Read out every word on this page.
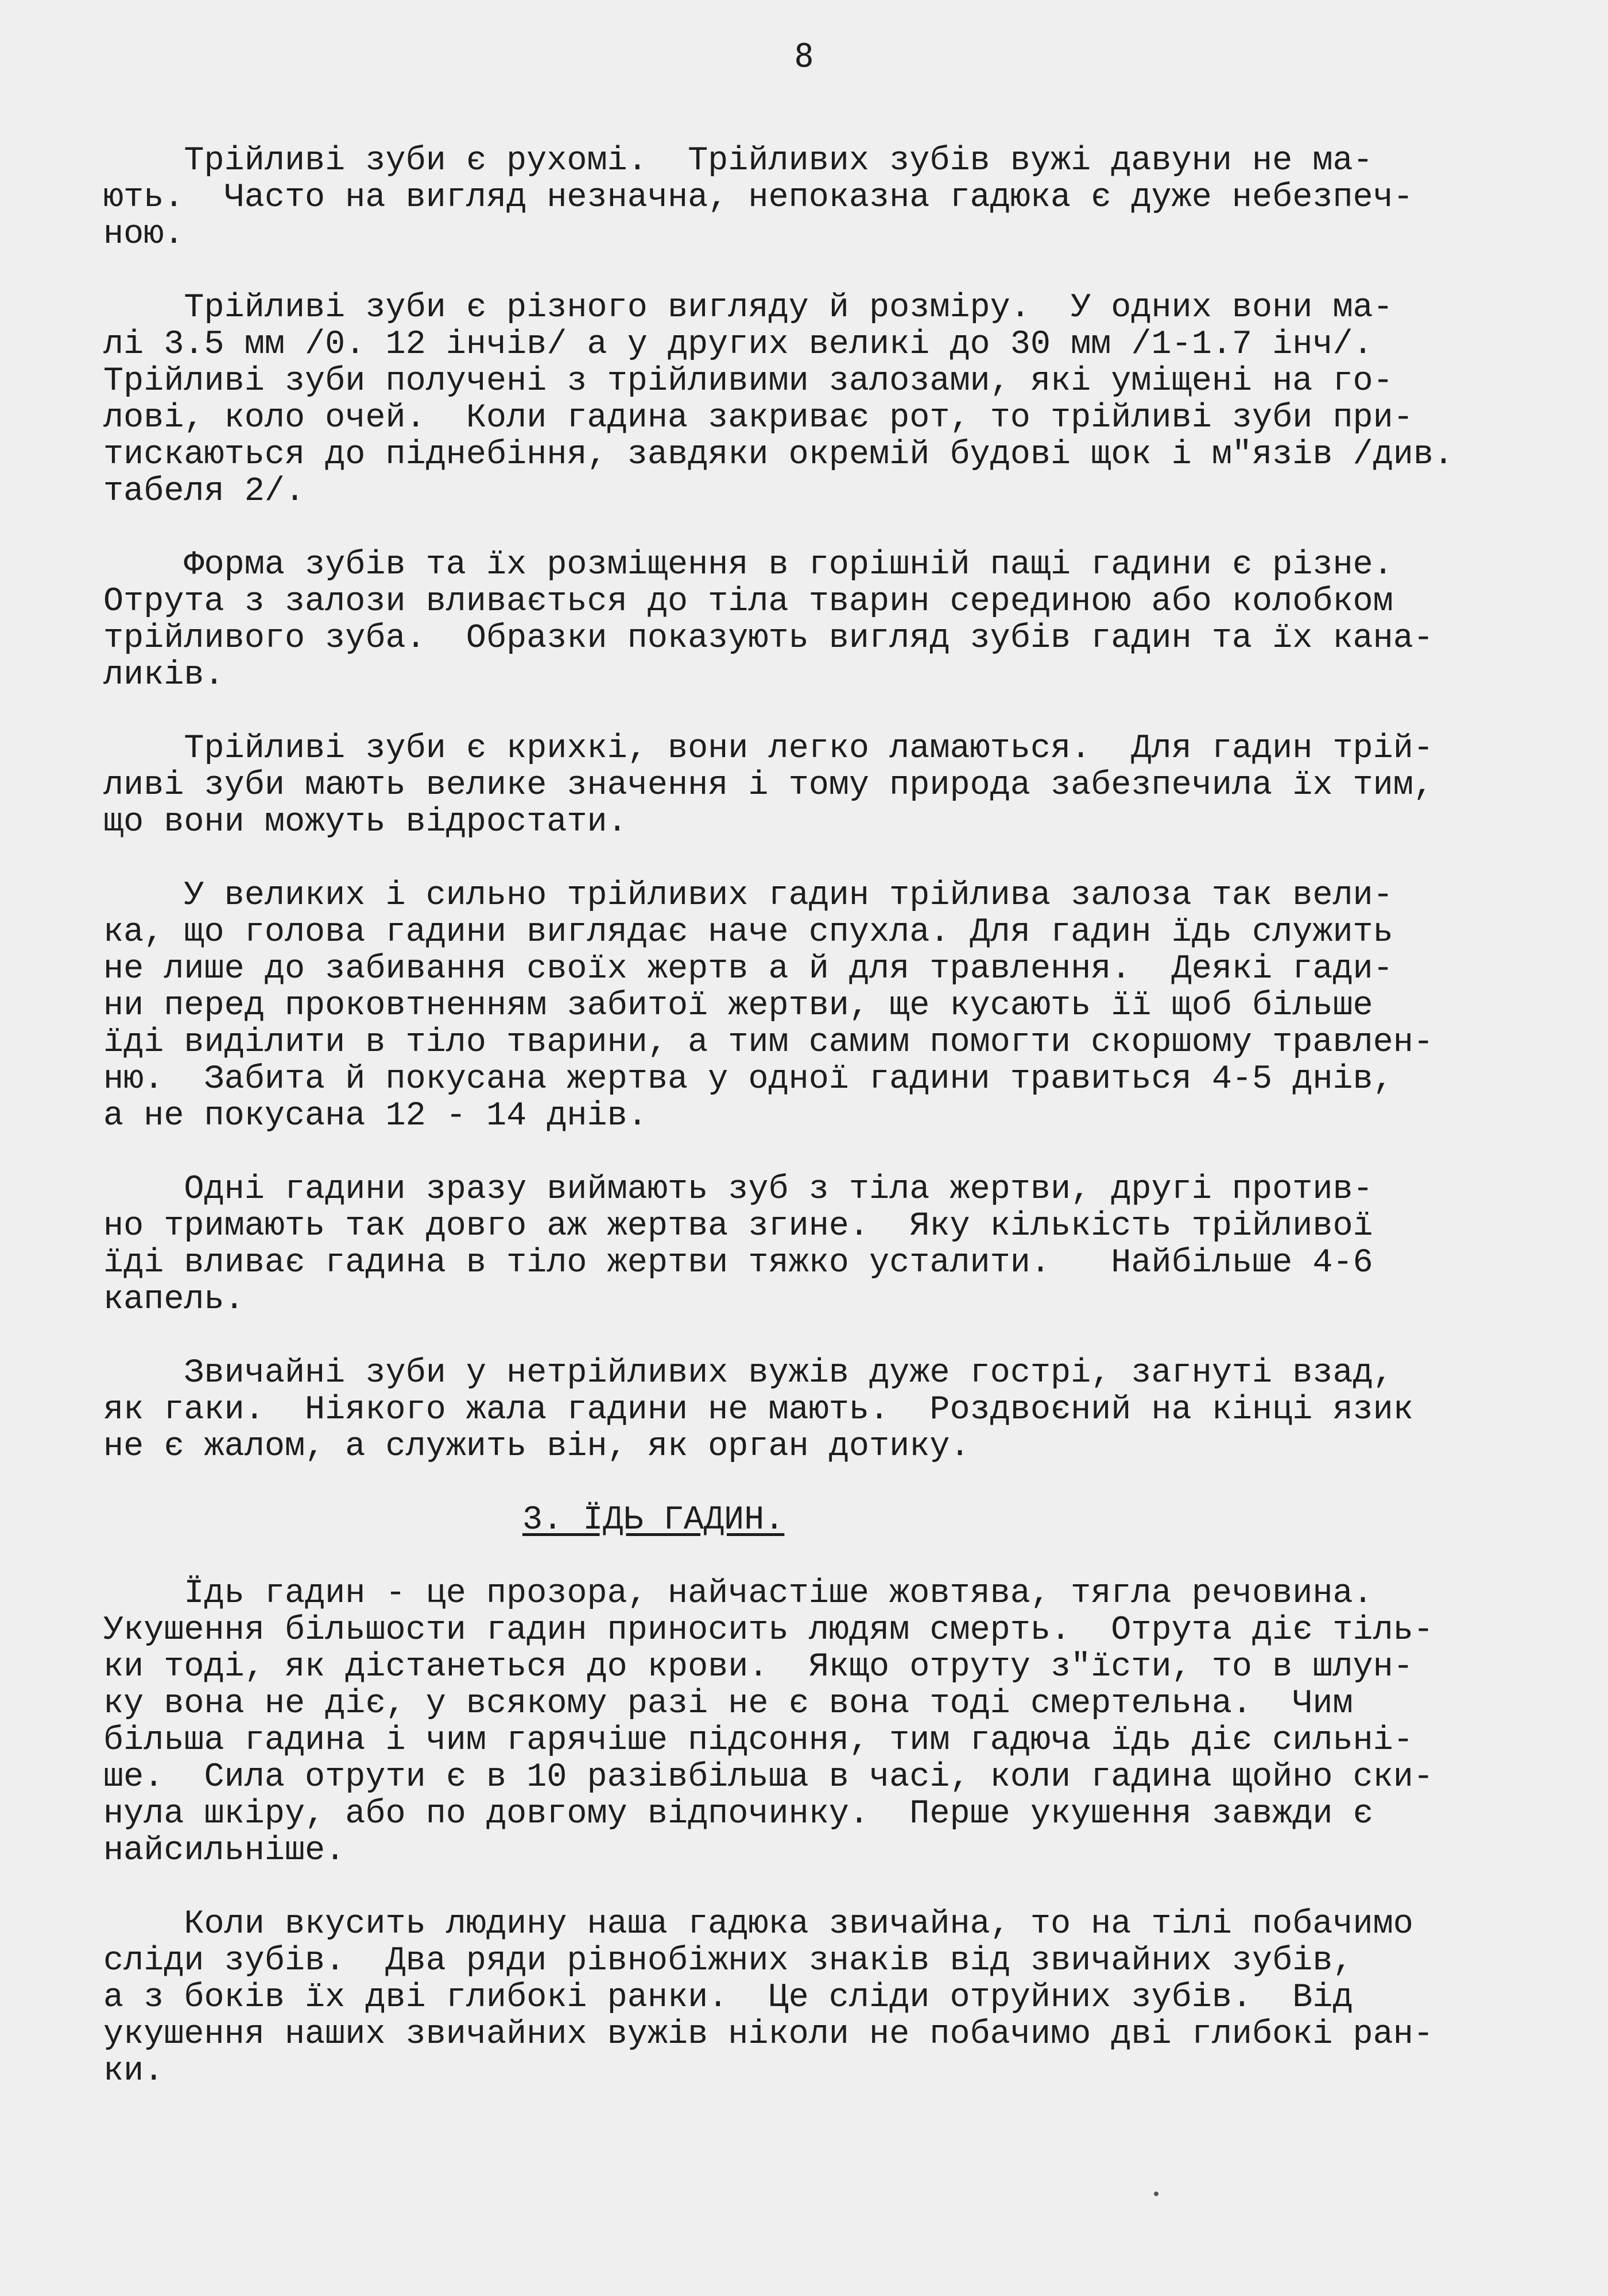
8

Трійливі зуби є рухомі.  Трійливих зубів вужі давуни не ма-
ють.  Часто на вигляд незначна, непоказна гадюка є дуже небезпеч-
ною.

Трійливі зуби є різного вигляду й розміру.  У одних вони ма-
лі 3.5 мм /0. 12 інчів/ а у других великі до 30 мм /1-1.7 інч/.
Трійливі зуби получені з трійливими залозами, які уміщені на го-
лові, коло очей.  Коли гадина закриває рот, то трійливі зуби при-
тискаються до піднебіння, завдяки окремій будові щок і м"язів /див.
табеля 2/.

Форма зубів та їх розміщення в горішній пащі гадини є різне.
Отрута з залози вливається до тіла тварин серединою або колобком
трійливого зуба.  Образки показують вигляд зубів гадин та їх кана-
ликів.

Трійливі зуби є крихкі, вони легко ламаються.  Для гадин трій-
ливі зуби мають велике значення і тому природа забезпечила їх тим,
що вони можуть відростати.

У великих і сильно трійливих гадин трійлива залоза так вели-
ка, що голова гадини виглядає наче спухла. Для гадин їдь служить
не лише до забивання своїх жертв а й для травлення.  Деякі гади-
ни перед проковтненням забитої жертви, ще кусають її щоб більше
їді виділити в тіло тварини, а тим самим помогти скоршому травлен-
ню.  Забита й покусана жертва у одної гадини травиться 4-5 днів,
а не покусана 12 - 14 днів.

Одні гадини зразу виймають зуб з тіла жертви, другі против-
но тримають так довго аж жертва згине.  Яку кількість трійливої
їді вливає гадина в тіло жертви тяжко усталити.   Найбільше 4-6
капель.

Звичайні зуби у нетрійливих вужів дуже гострі, загнуті взад,
як гаки.  Ніякого жала гадини не мають.  Роздвоєний на кінці язик
не є жалом, а служить він, як орган дотику.

3. ЇДЬ ГАДИН.

Їдь гадин - це прозора, найчастіше жовтява, тягла речовина.
Укушення більшости гадин приносить людям смерть.  Отрута діє тіль-
ки тоді, як дістанеться до крови.  Якщо отруту з"їсти, то в шлун-
ку вона не діє, у всякому разі не є вона тоді смертельна.  Чим
більша гадина і чим гарячіше підсоння, тим гадюча їдь діє сильні-
ше.  Сила отрути є в 10 разівбільша в часі, коли гадина щойно ски-
нула шкіру, або по довгому відпочинку.  Перше укушення завжди є
найсильніше.

Коли вкусить людину наша гадюка звичайна, то на тілі побачимо
сліди зубів.  Два ряди рівнобіжних знаків від звичайних зубів,
а з боків їх дві глибокі ранки.  Це сліди отруйних зубів.  Від
укушення наших звичайних вужів ніколи не побачимо дві глибокі ран-
ки.
